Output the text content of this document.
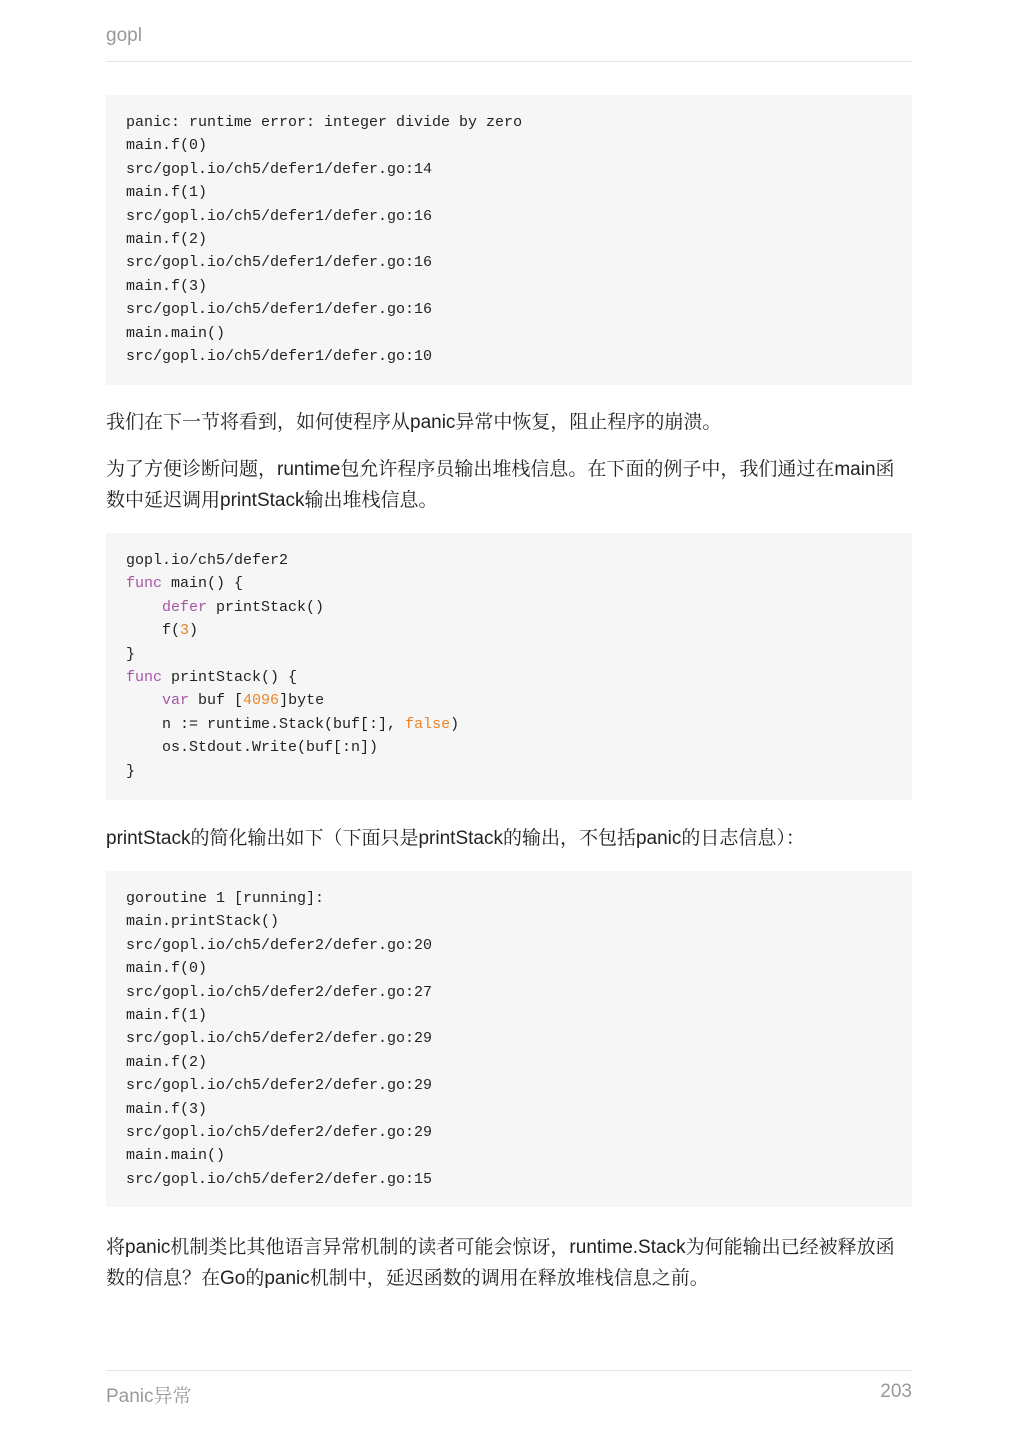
gopl
panic: runtime error: integer divide by zero
main.f(0)
src/gopl.io/ch5/defer1/defer.go:14
main.f(1)
src/gopl.io/ch5/defer1/defer.go:16
main.f(2)
src/gopl.io/ch5/defer1/defer.go:16
main.f(3)
src/gopl.io/ch5/defer1/defer.go:16
main.main()
src/gopl.io/ch5/defer1/defer.go:10

我们在下一节将看到，如何使程序从panic异常中恢复，阻止程序的崩溃。

为了方便诊断问题，runtime包允许程序员输出堆栈信息。在下面的例子中，我们通过在main函数中延迟调用printStack输出堆栈信息。

gopl.io/ch5/defer2
func main() {
defer printStack()
f(3)
}
func printStack() {
var buf [4096]byte
n := runtime.Stack(buf[:], false)
os.Stdout.Write(buf[:n])
}

printStack的简化输出如下（下面只是printStack的输出，不包括panic的日志信息）：

goroutine 1 [running]:
main.printStack()
src/gopl.io/ch5/defer2/defer.go:20
main.f(0)
src/gopl.io/ch5/defer2/defer.go:27
main.f(1)
src/gopl.io/ch5/defer2/defer.go:29
main.f(2)
src/gopl.io/ch5/defer2/defer.go:29
main.f(3)
src/gopl.io/ch5/defer2/defer.go:29
main.main()
src/gopl.io/ch5/defer2/defer.go:15

将panic机制类比其他语言异常机制的读者可能会惊讶，runtime.Stack为何能输出已经被释放函数的信息？在Go的panic机制中，延迟函数的调用在释放堆栈信息之前。

Panic异常	203
